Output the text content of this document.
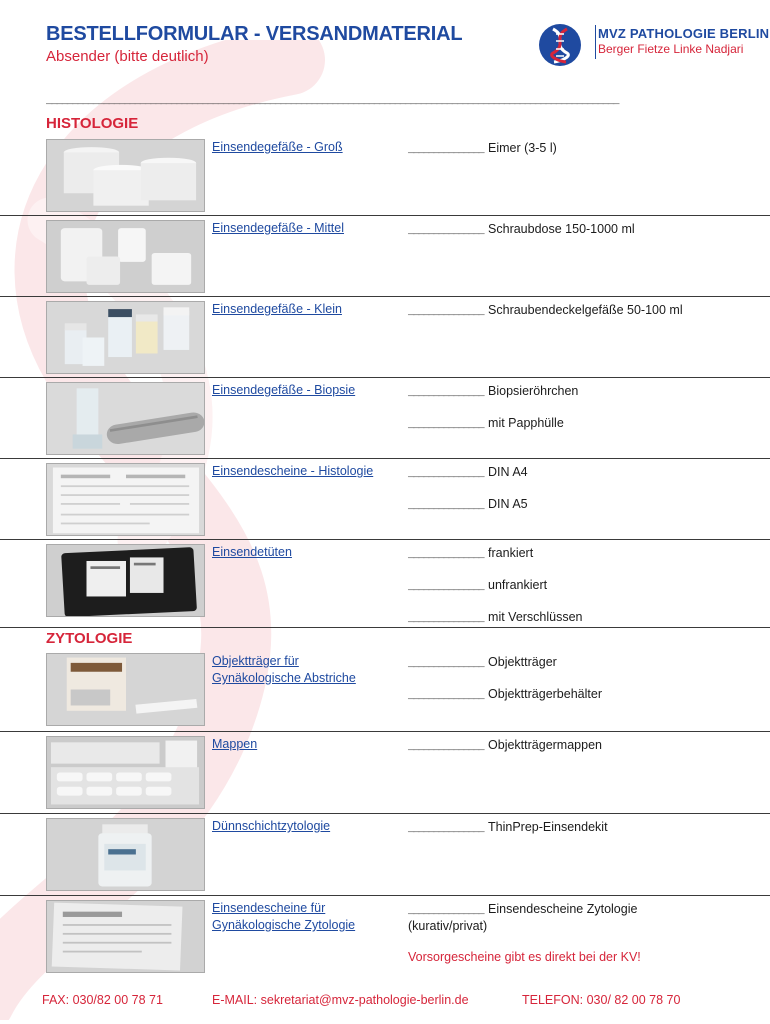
BESTELLFORMULAR - VERSANDMATERIAL
Absender (bitte deutlich)
MVZ PATHOLOGIE BERLIN
Berger Fietze Linke Nadjari
______________________________________________________________________________________________________________
HISTOLOGIE
ZYTOLOGIE
Einsendegefäße - Groß	_______________ Eimer (3-5 l)
Einsendegefäße - Mittel	_______________ Schraubdose 150-1000 ml
Einsendegefäße - Klein	_______________ Schraubendeckelgefäße 50-100 ml
Einsendegefäße - Biopsie	_______________ Biopsieröhrchen
_______________ mit Papphülle
Einsendescheine - Histologie	_______________ DIN A4
_______________ DIN A5
Einsendetüten	_______________ frankiert
_______________ unfrankiert
_______________ mit Verschlüssen
Objektträger für
Gynäkologische Abstriche
_______________ Objektträger
_______________ Objektträgerbehälter
Mappen	_______________ Objektträgermappen
Dünnschichtzytologie	_______________ ThinPrep-Einsendekit
Einsendescheine für
Gynäkologische Zytologie
_______________ Einsendescheine Zytologie
(kurativ/privat)
Vorsorgescheine gibt es direkt bei der KV!
FAX: 030/82 00 78 71	E-MAIL: sekretariat@mvz-pathologie-berlin.de	TELEFON: 030/ 82 00 78 70
